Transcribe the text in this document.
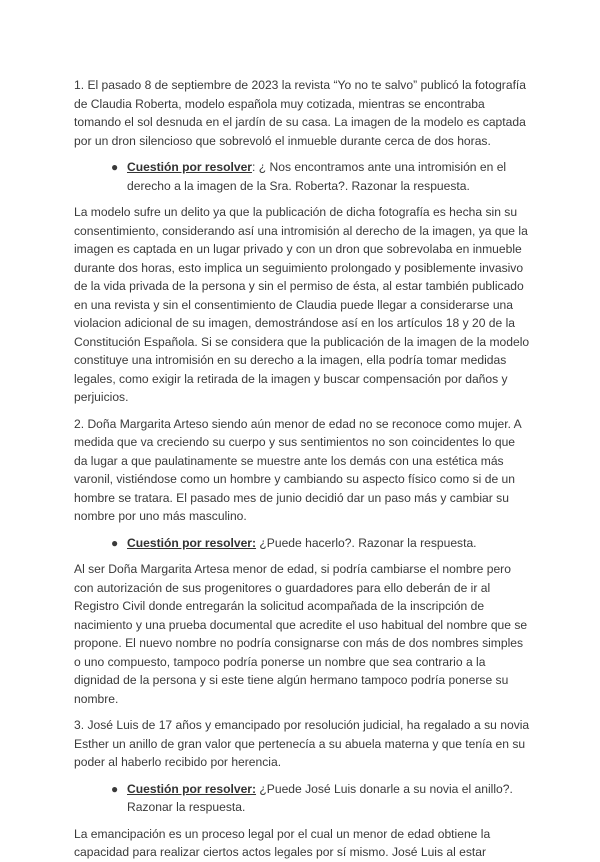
1. El pasado 8 de septiembre de 2023 la revista “Yo no te salvo” publicó la fotografía de Claudia Roberta, modelo española muy cotizada, mientras se encontraba tomando el sol desnuda en el jardín de su casa. La imagen de la modelo es captada por un dron silencioso que sobrevoló el inmueble durante cerca de dos horas.

● Cuestión por resolver: ¿ Nos encontramos ante una intromisión en el derecho a la imagen de la Sra. Roberta?. Razonar la respuesta.

La modelo sufre un delito ya que la publicación de dicha fotografía es hecha sin su consentimiento, considerando así una intromisión al derecho de la imagen, ya que la imagen es captada en un lugar privado y con un dron que sobrevolaba en inmueble durante dos horas, esto implica un seguimiento prolongado y posiblemente invasivo de la vida privada de la persona y sin el permiso de ésta, al estar también publicado en una revista y sin el consentimiento de Claudia puede llegar a considerarse una violacion adicional de su imagen, demostrándose así en los artículos 18 y 20 de la Constitución Española. Si se considera que la publicación de la imagen de la modelo constituye una intromisión en su derecho a la imagen, ella podría tomar medidas legales, como exigir la retirada de la imagen y buscar compensación por daños y perjuicios.

2. Doña Margarita Arteso siendo aún menor de edad no se reconoce como mujer. A medida que va creciendo su cuerpo y sus sentimientos no son coincidentes lo que da lugar a que paulatinamente se muestre ante los demás con una estética más varonil, vistiéndose como un hombre y cambiando su aspecto físico como si de un hombre se tratara. El pasado mes de junio decidió dar un paso más y cambiar su nombre por uno más masculino.

● Cuestión por resolver: ¿Puede hacerlo?. Razonar la respuesta.

Al ser Doña Margarita Artesa menor de edad, si podría cambiarse el nombre pero con autorización de sus progenitores o guardadores para ello deberán de ir al Registro Civil donde entregarán la solicitud acompañada de la inscripción de nacimiento y una prueba documental que acredite el uso habitual del nombre que se propone. El nuevo nombre no podría consignarse con más de dos nombres simples o uno compuesto, tampoco podría ponerse un nombre que sea contrario a la dignidad de la persona y si este tiene algún hermano tampoco podría ponerse su nombre.

3. José Luis de 17 años y emancipado por resolución judicial, ha regalado a su novia Esther un anillo de gran valor que pertenecía a su abuela materna y que tenía en su poder al haberlo recibido por herencia.

● Cuestión por resolver: ¿Puede José Luis donarle a su novia el anillo?. Razonar la respuesta.

La emancipación es un proceso legal por el cual un menor de edad obtiene la capacidad para realizar ciertos actos legales por sí mismo. José Luis al estar
